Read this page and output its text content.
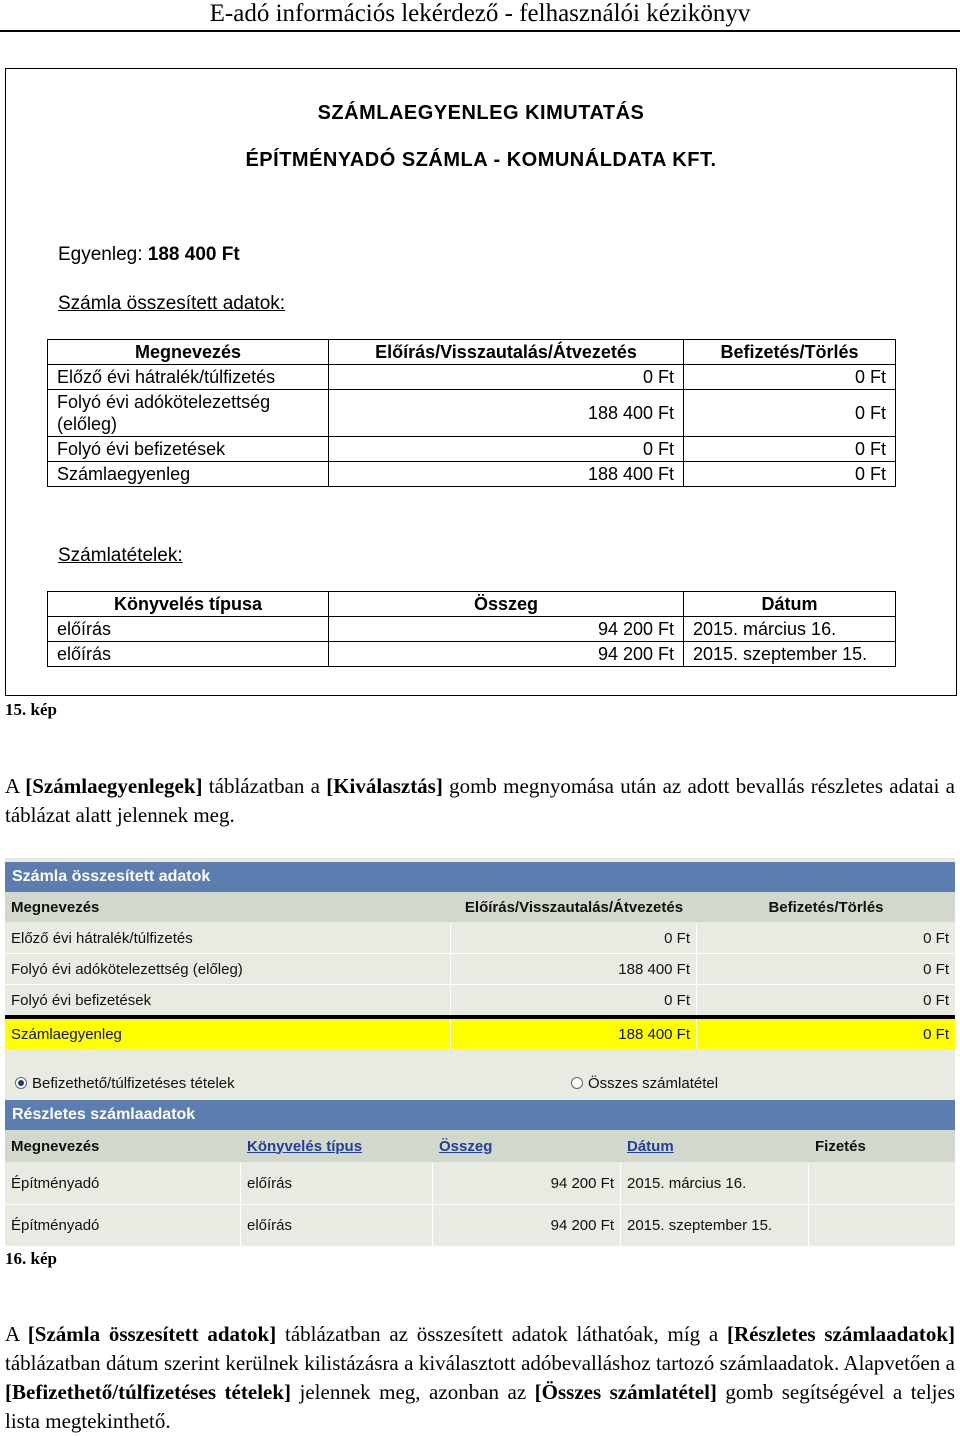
E-adó információs lekérdező - felhasználói kézikönyv
SZÁMLAEGYENLEG KIMUTATÁS
ÉPÍTMÉNYADÓ SZÁMLA - KOMUNÁLDATA KFT.
Egyenleg: 188 400 Ft
Számla összesített adatok:
Megnevezés	Előírás/Visszautalás/Átvezetés	Befizetés/Törlés
Előző évi hátralék/túlfizetés	0 Ft	0 Ft
Folyó évi adókötelezettség
(előleg)	188 400 Ft	0 Ft
Folyó évi befizetések	0 Ft	0 Ft
Számlaegyenleg	188 400 Ft	0 Ft
Számlatételek:
Könyvelés típusa	Összeg	Dátum
előírás	94 200 Ft	2015. március 16.
előírás	94 200 Ft	2015. szeptember 15.
15. kép
A [Számlaegyenlegek] táblázatban a [Kiválasztás] gomb megnyomása után az adott bevallás részletes adatai a táblázat alatt jelennek meg.
Számla összesített adatok
Megnevezés	Előírás/Visszautalás/Átvezetés	Befizetés/Törlés
Előző évi hátralék/túlfizetés	0 Ft	0 Ft
Folyó évi adókötelezettség (előleg)	188 400 Ft	0 Ft
Folyó évi befizetések	0 Ft	0 Ft
Számlaegyenleg	188 400 Ft	0 Ft
Befizethető/túlfizetéses tételek	Összes számlatétel
Részletes számlaadatok
Megnevezés	Könyvelés típus	Összeg	Dátum	Fizetés
Építményadó	előírás	94 200 Ft 2015. március 16.
Építményadó	előírás	94 200 Ft 2015. szeptember 15.
16. kép
A [Számla összesített adatok] táblázatban az összesített adatok láthatóak, míg a [Részletes számlaadatok] táblázatban dátum szerint kerülnek kilistázásra a kiválasztott adóbevalláshoz tartozó számlaadatok. Alapvetően a [Befizethető/túlfizetéses tételek] jelennek meg, azonban az [Összes számlatétel] gomb segítségével a teljes lista megtekinthető.
